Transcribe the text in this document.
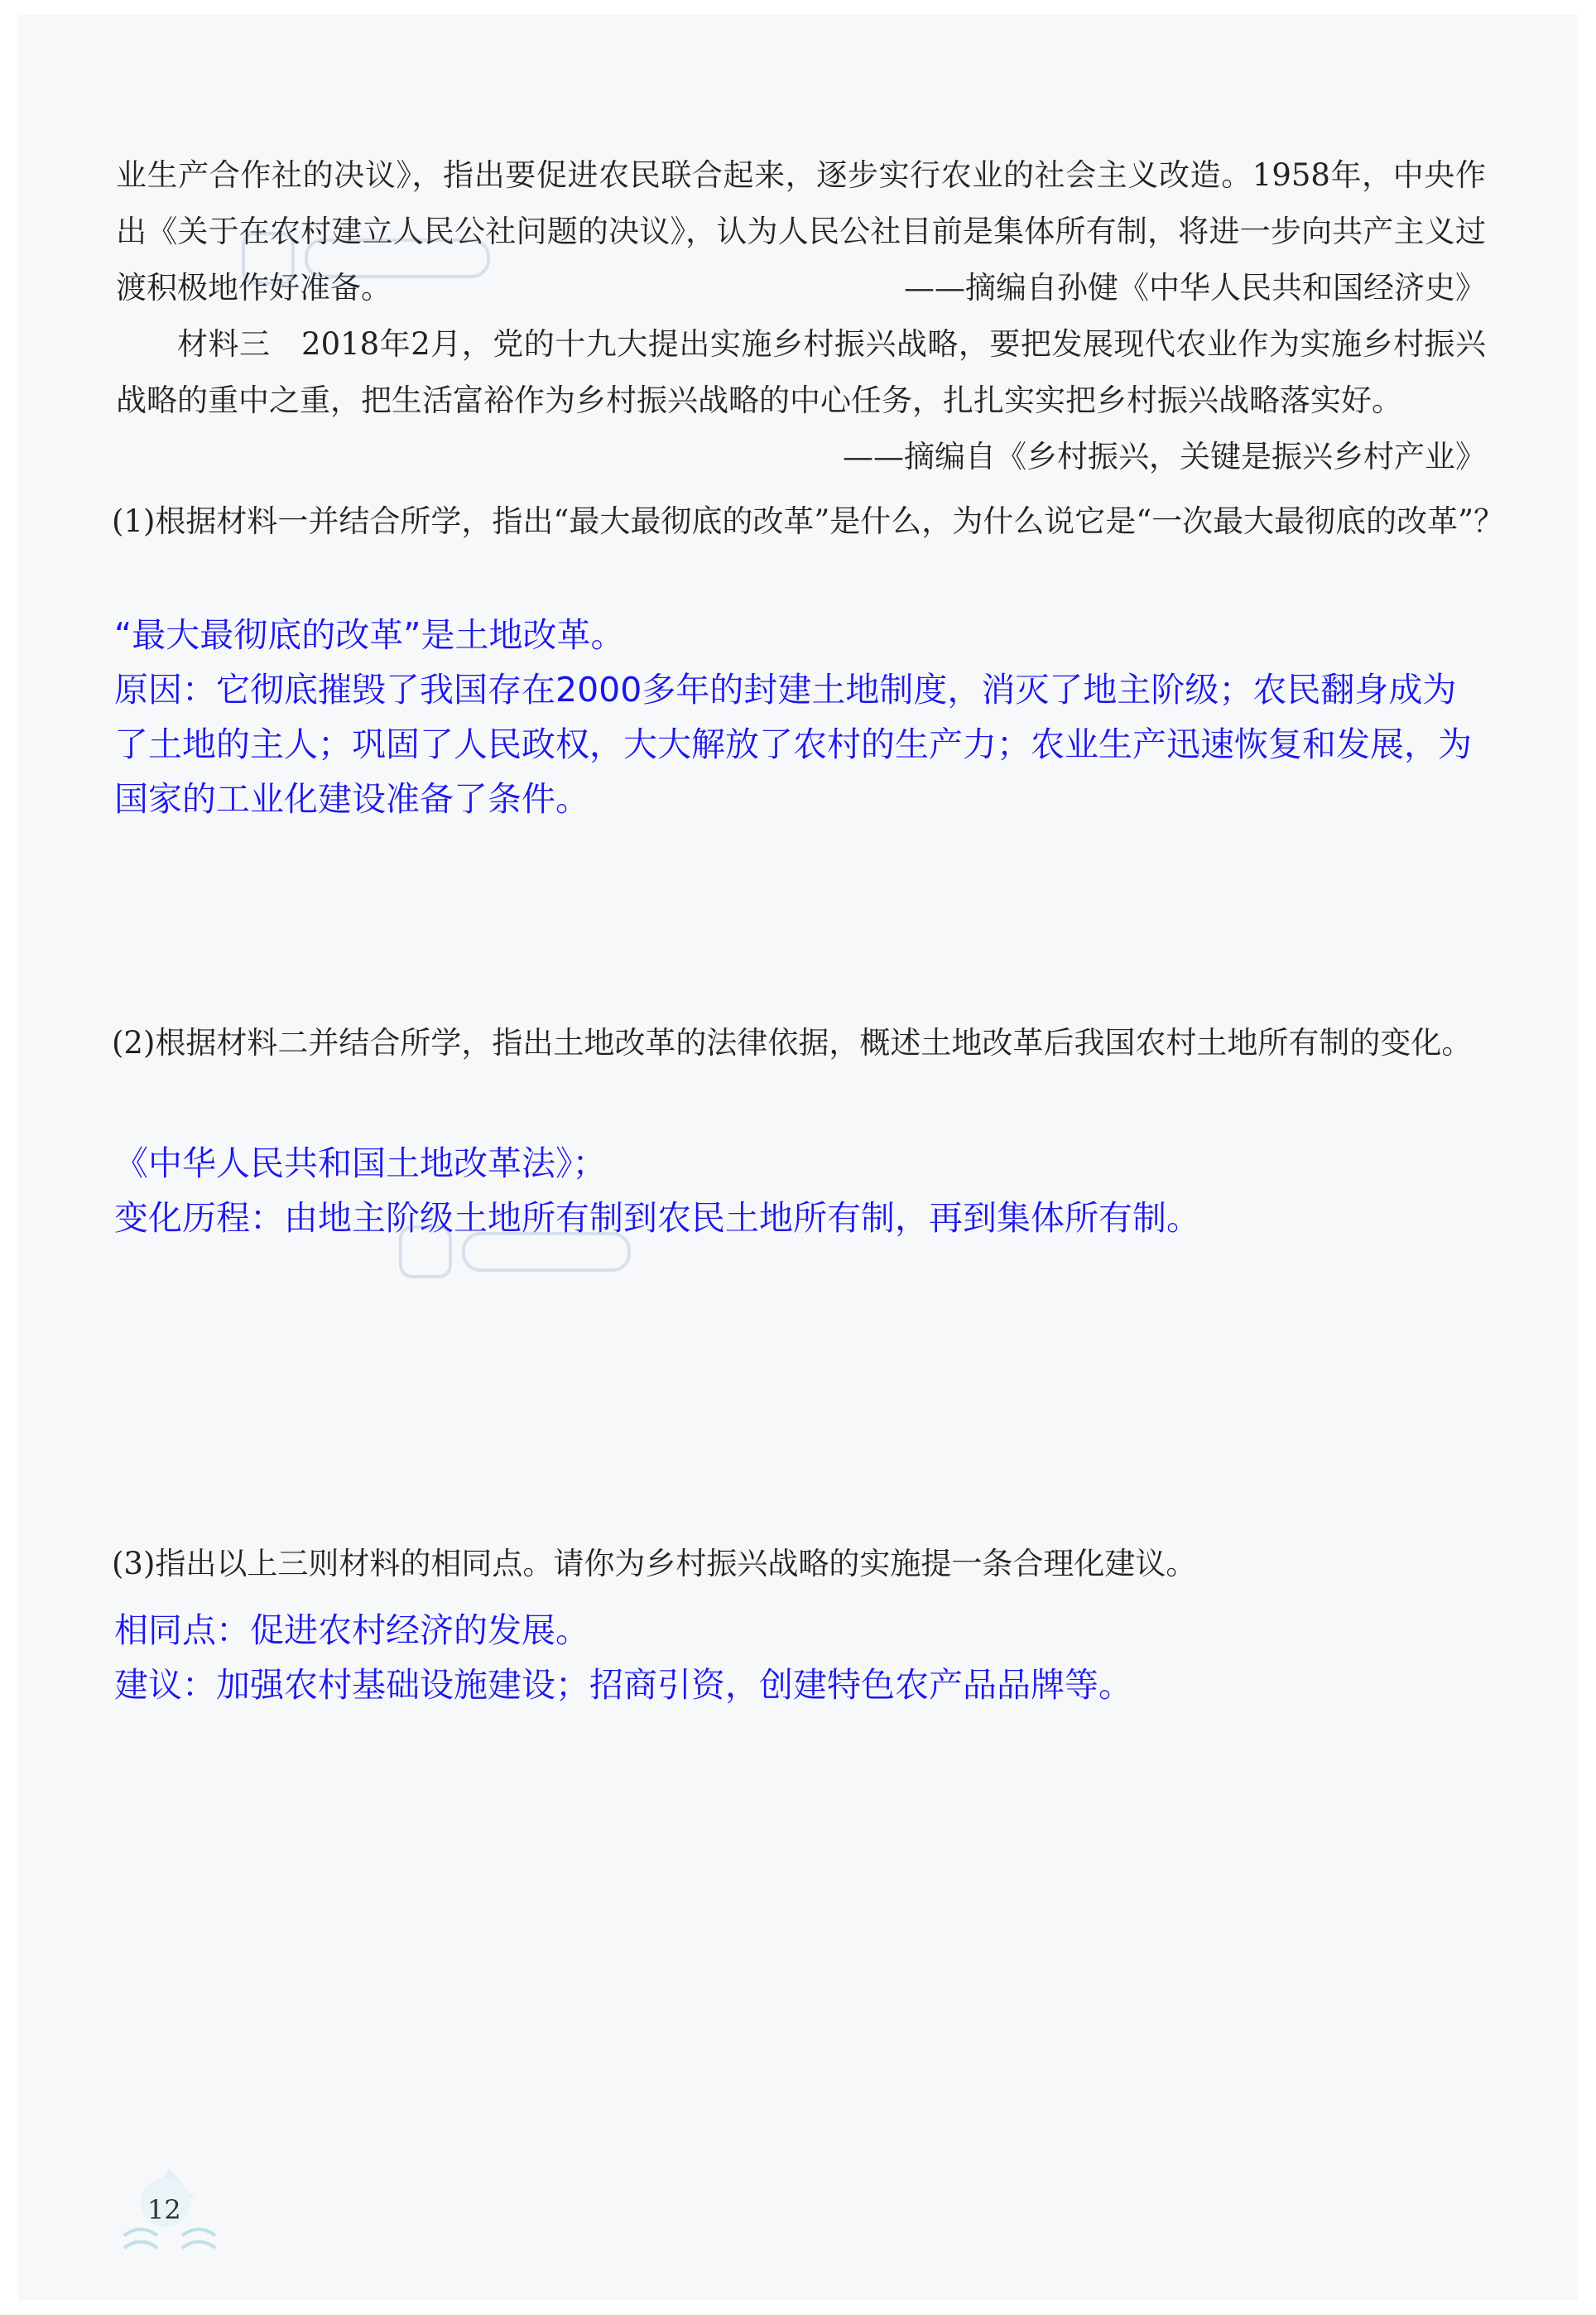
业生产合作社的决议》，指出要促进农民联合起来，逐步实行农业的社会主义改造。1958年，中央作出《关于在农村建立人民公社问题的决议》，认为人民公社目前是集体所有制，将进一步向共产主义过渡积极地作好准备。	——摘编自孙健《中华人民共和国经济史》

材料三　2018年2月，党的十九大提出实施乡村振兴战略，要把发展现代农业作为实施乡村振兴战略的重中之重，把生活富裕作为乡村振兴战略的中心任务，扎扎实实把乡村振兴战略落实好。

——摘编自《乡村振兴，关键是振兴乡村产业》

(1)根据材料一并结合所学，指出“最大最彻底的改革”是什么，为什么说它是“一次最大最彻底的改革”？

“最大最彻底的改革”是土地改革。

原因：它彻底摧毁了我国存在2000多年的封建土地制度，消灭了地主阶级；农民翻身成为了土地的主人；巩固了人民政权，大大解放了农村的生产力；农业生产迅速恢复和发展，为国家的工业化建设准备了条件。

(2)根据材料二并结合所学，指出土地改革的法律依据，概述土地改革后我国农村土地所有制的变化。

《中华人民共和国土地改革法》；

变化历程：由地主阶级土地所有制到农民土地所有制，再到集体所有制。

(3)指出以上三则材料的相同点。请你为乡村振兴战略的实施提一条合理化建议。

相同点：促进农村经济的发展。

建议：加强农村基础设施建设；招商引资，创建特色农产品品牌等。

12
